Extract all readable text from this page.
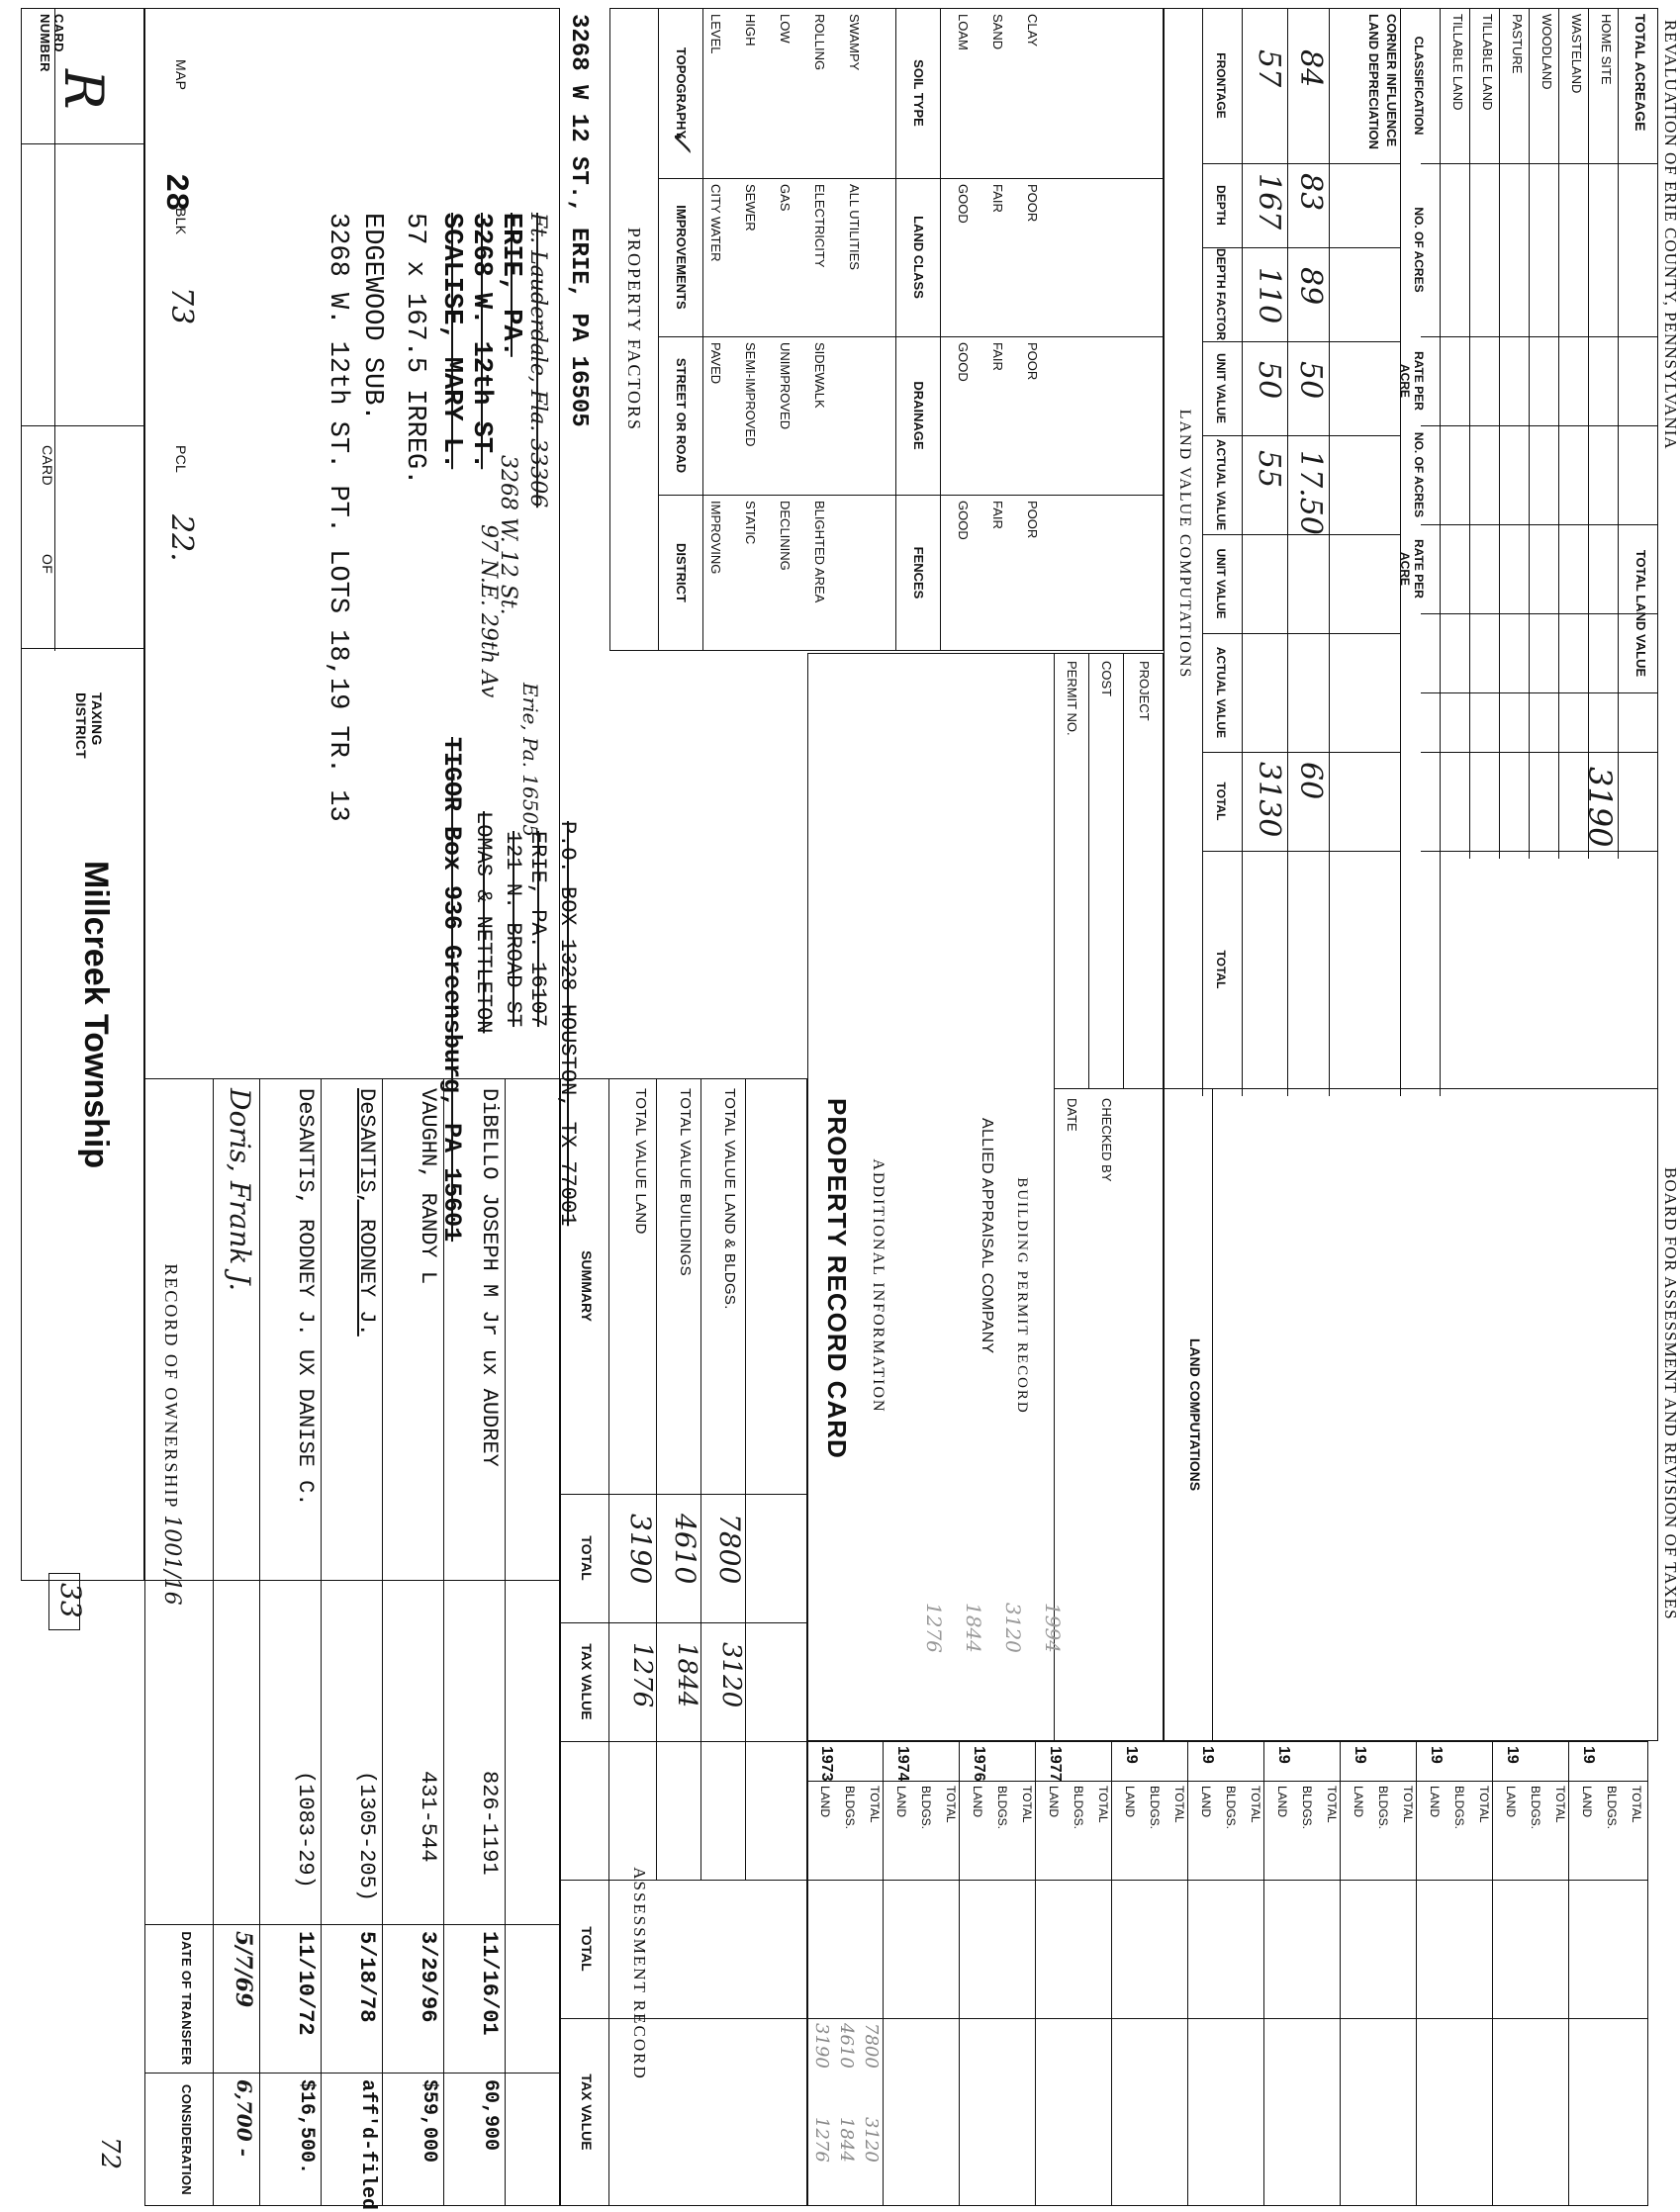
CARD NUMBER
R	MAP
28
BLK
73
PCL
22.
CARD
OF
TAXING DISTRICT
Millcreek Township
33
72
3268 W. 12th ST. PT. LOTS 18,19 TR. 13 EDGEWOOD SUB. 57 x 167.5 IRREG. SCALISE, MARY L. 3268 W. 12th ST. ERIE, PA.
97 N.E. 29th Av
3268 W. 12 St.
Ft. Lauderdale, Fla. 33306
Erie, Pa. 16505
TIGOR Box 936 Greensburg, PA 15601 LOMAS & NETTLETON 121 N. BROAD ST ERIE, PA. 16107 P.O. BOX 1328 HOUSTON, TX 77001
3268 W 12 ST., ERIE, PA 16505
RECORD OF OWNERSHIP 1001/16
DATE OF TRANSFER
CONSIDERATION
SUMMARY
TOTAL
TAX VALUE
ASSESSMENT RECORD
TOTAL
TAX VALUE
PROPERTY FACTORS
PROPERTY RECORD CARD ADDITIONAL INFORMATION	ALLIED APPRAISAL COMPANY BUILDING PERMIT RECORD
PERMIT NO. COST PROJECT
DATE CHECKED BY
LAND VALUE COMPUTATIONS
REVALUATION OF ERIE COUNTY, PENNSYLVANIA
BOARD FOR ASSESSMENT AND REVISION OF TAXES
Doris, Frank J.
5/7/69
6,700 -
DeSANTIS, RODNEY J. UX DANISE C.
(1083-29)
11/10/72
$16,500.
DeSANTIS, RODNEY J.
(1305-205)
5/18/78
aff'd-filed
VAUGHN, RANDY L
431-544
3/29/96
$59,000
DiBELLO JOSEPH M Jr ux AUDREY
826-1191
11/16/01
60,900
TOTAL VALUE LAND
3190
1276
TOTAL VALUE BUILDINGS
4610
1844
TOTAL VALUE LAND & BLDGS.
7800
3120
1973
LAND BLDGS. TOTAL
1974
LAND BLDGS. TOTAL
1976
LAND BLDGS. TOTAL
1977
LAND BLDGS. TOTAL
19
LAND BLDGS. TOTAL
19
LAND BLDGS. TOTAL
19
LAND BLDGS. TOTAL
19
LAND BLDGS. TOTAL
19
LAND BLDGS. TOTAL
19
LAND BLDGS. TOTAL
19
LAND BLDGS. TOTAL
3190 4610 7800
1276 1844 3120
TOPOGRAPHY
LEVEL HIGH LOW ROLLING SWAMPY
IMPROVEMENTS CITY WATER SEWER GAS ELECTRICITY ALL UTILITIES
STREET OR ROAD PAVED SEMI-IMPROVED UNIMPROVED SIDEWALK
DISTRICT IMPROVING STATIC DECLINING BLIGHTED AREA
SOIL TYPE
LOAM SAND CLAY
LAND CLASS
GOOD FAIR POOR
DRAINAGE
GOOD FAIR POOR
FENCES
GOOD FAIR POOR
✓
1276 1844 3120 1994
FRONTAGE
DEPTH
DEPTH FACTOR
UNIT VALUE
ACTUAL VALUE
UNIT VALUE
ACTUAL VALUE
TOTAL
TOTAL
57
167
110
50
55
3130
84
83
89
50
17.50
60
LAND DEPRECIATION CORNER INFLUENCE
LAND COMPUTATIONS
CLASSIFICATION
NO. OF ACRES
RATE PER ACRE
NO. OF ACRES
RATE PER ACRE
TILLABLE LAND TILLABLE LAND PASTURE WOODLAND WASTELAND HOME SITE TOTAL ACREAGE
TOTAL LAND VALUE
3190
